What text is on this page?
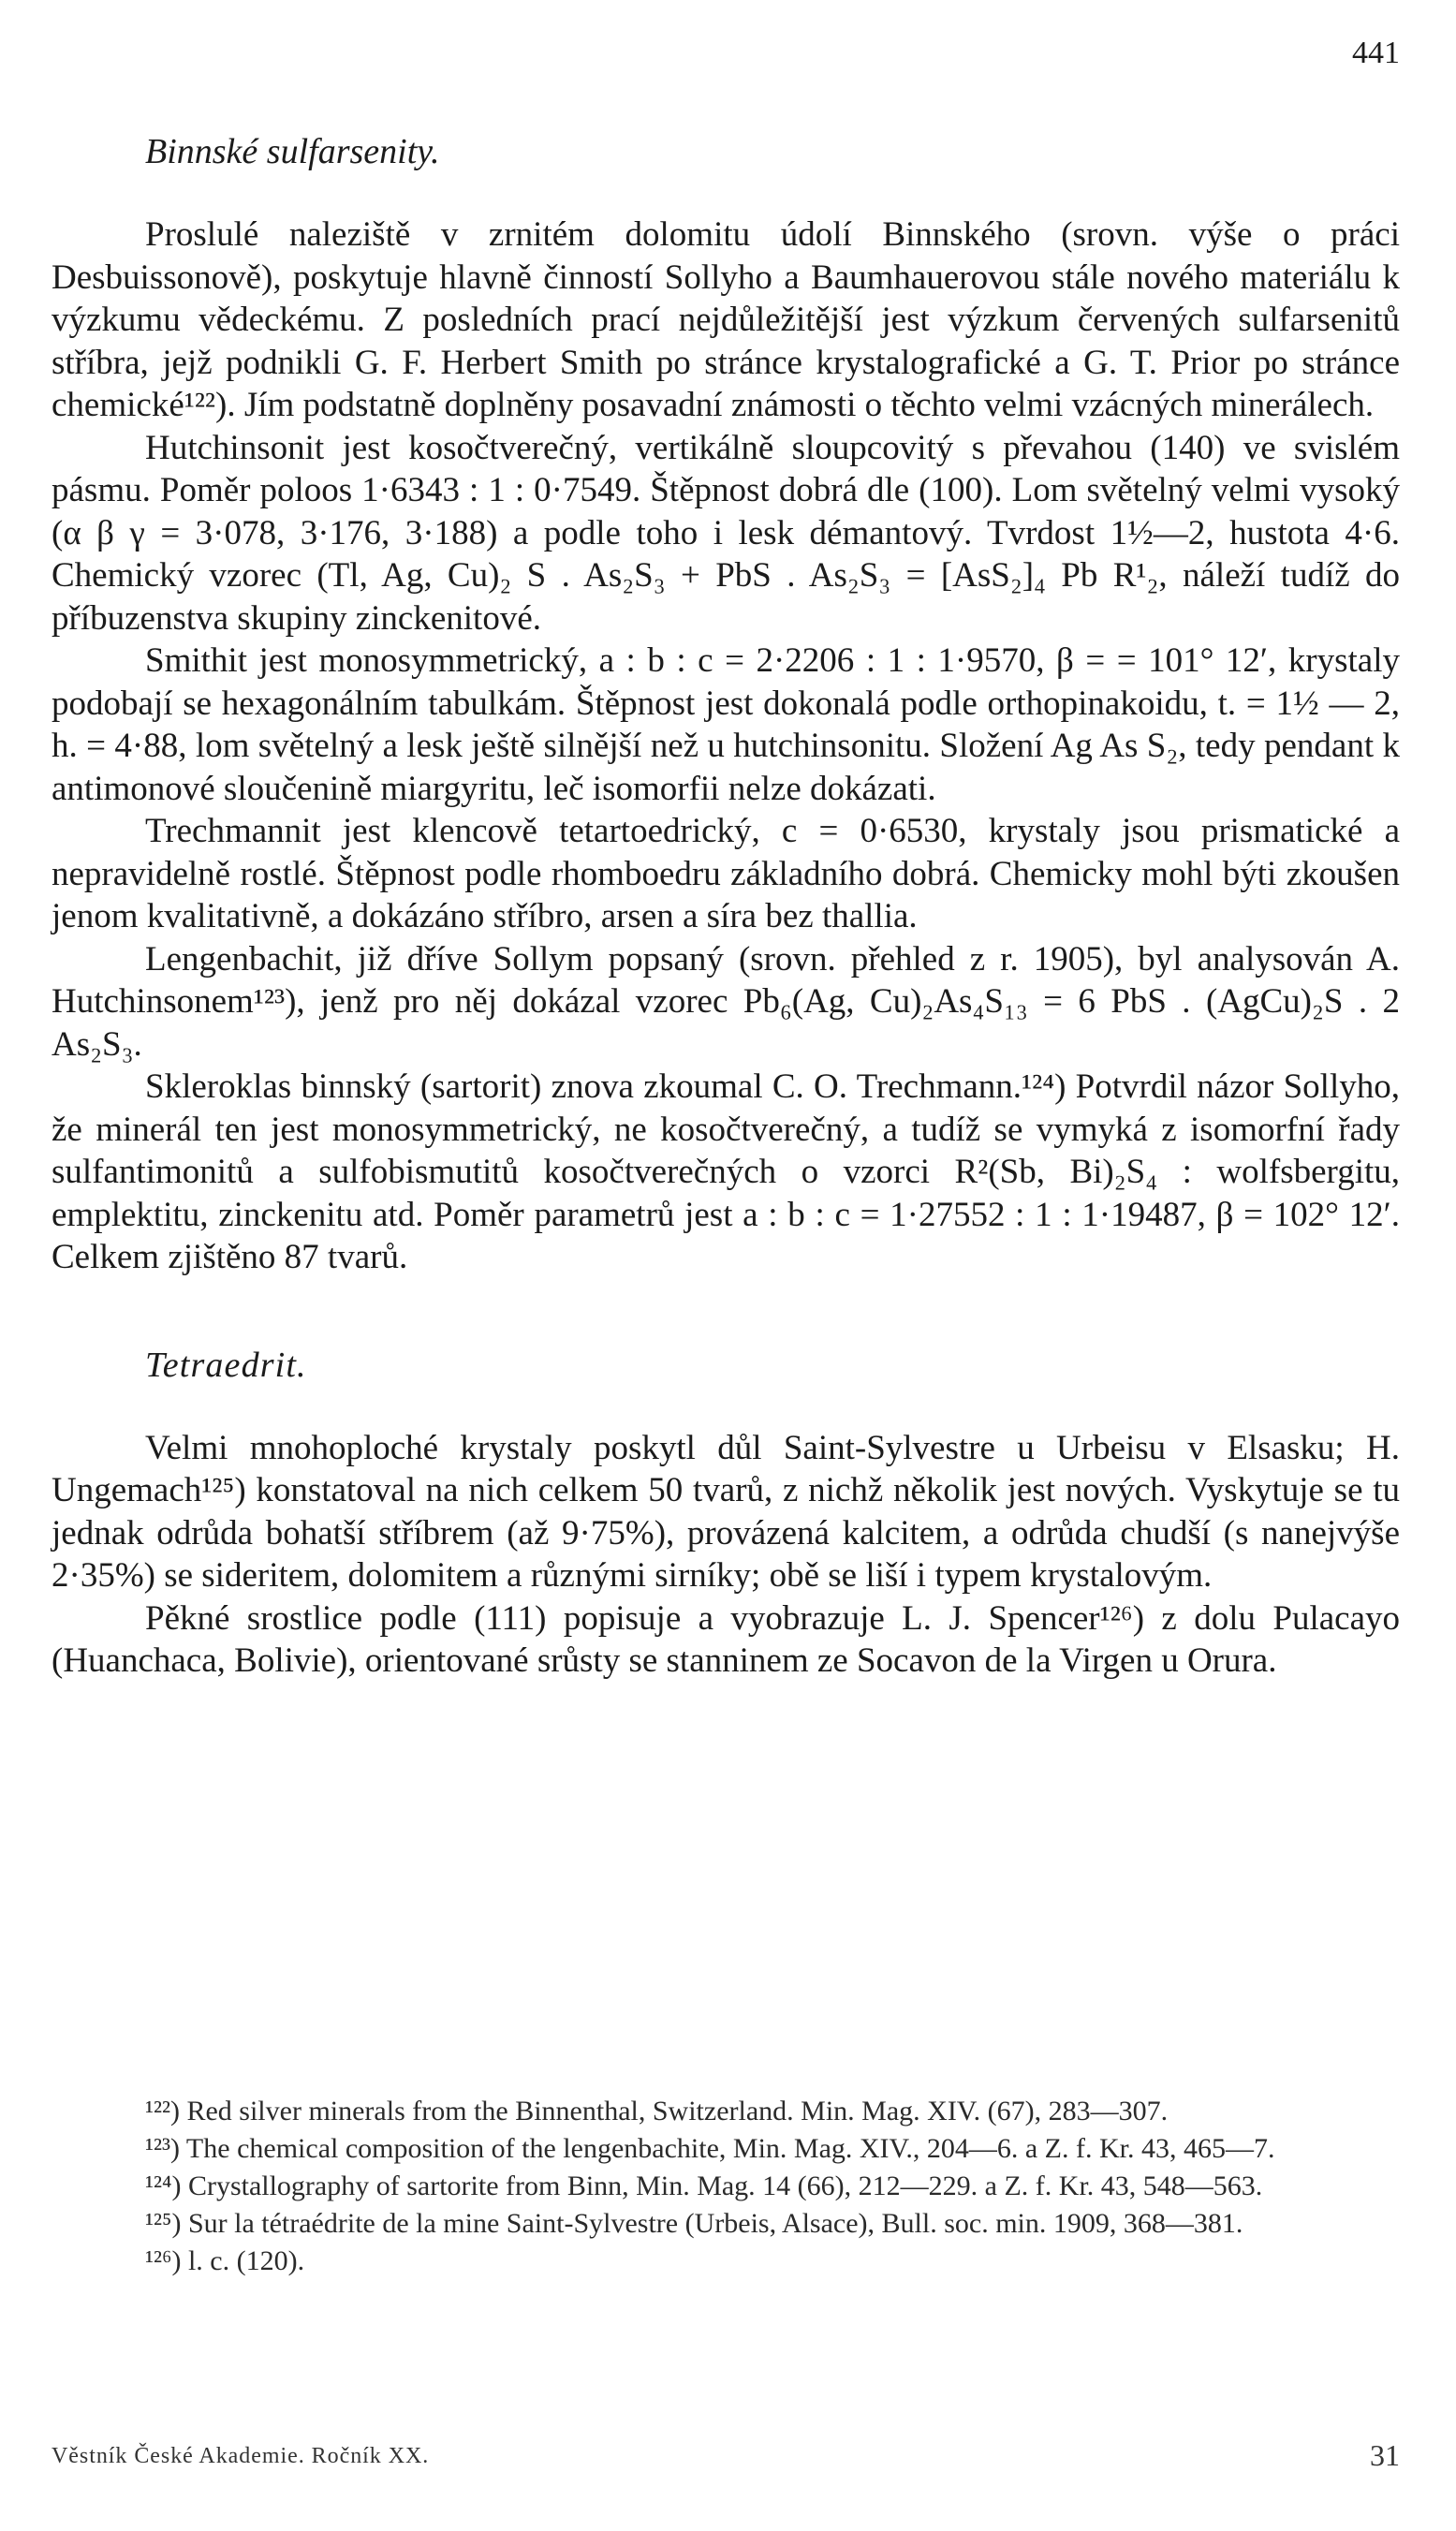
441
Binnské sulfarsenity.

Proslulé naleziště v zrnitém dolomitu údolí Binnského (srovn. výše o práci Desbuissonově), poskytuje hlavně činností Sollyho a Baumhauerovou stále nového materiálu k výzkumu vědeckému. Z posledních prací nejdůležitější jest výzkum červených sulfarsenitů stříbra, jejž podnikli G. F. Herbert Smith po stránce krystalografické a G. T. Prior po stránce chemické¹²²). Jím podstatně doplněny posavadní známosti o těchto velmi vzácných minerálech.

Hutchinsonit jest kosočtverečný, vertikálně sloupcovitý s převahou (140) ve svislém pásmu. Poměr poloos 1·6343 : 1 : 0·7549. Štěpnost dobrá dle (100). Lom světelný velmi vysoký (α β γ = 3·078, 3·176, 3·188) a podle toho i lesk démantový. Tvrdost 1½—2, hustota 4·6. Chemický vzorec (Tl, Ag, Cu)₂ S . As₂S₃ + PbS . As₂S₃ = [AsS₂]₄ Pb R¹₂, náleží tudíž do příbuzenstva skupiny zinckenitové.

Smithit jest monosymmetrický, a : b : c = 2·2206 : 1 : 1·9570, β = = 101° 12′, krystaly podobají se hexagonálním tabulkám. Štěpnost jest dokonalá podle orthopinakoidu, t. = 1½ — 2, h. = 4·88, lom světelný a lesk ještě silnější než u hutchinsonitu. Složení Ag As S₂, tedy pendant k antimonové sloučenině miargyritu, leč isomorfii nelze dokázati.

Trechmannit jest klencově tetartoedrický, c = 0·6530, krystaly jsou prismatické a nepravidelně rostlé. Štěpnost podle rhomboedru základního dobrá. Chemicky mohl býti zkoušen jenom kvalitativně, a dokázáno stříbro, arsen a síra bez thallia.

Lengenbachit, již dříve Sollym popsaný (srovn. přehled z r. 1905), byl analysován A. Hutchinsonem¹²³), jenž pro něj dokázal vzorec Pb₆(Ag, Cu)₂As₄S₁₃ = 6 PbS . (AgCu)₂S . 2 As₂S₃.

Skleroklas binnský (sartorit) znova zkoumal C. O. Trechmann.¹²⁴) Potvrdil názor Sollyho, že minerál ten jest monosymmetrický, ne kosočtverečný, a tudíž se vymyká z isomorfní řady sulfantimonitů a sulfobismutitů kosočtverečných o vzorci R²(Sb, Bi)₂S₄ : wolfsbergitu, emplektitu, zinckenitu atd. Poměr parametrů jest a : b : c = 1·27552 : 1 : 1·19487, β = 102° 12′. Celkem zjištěno 87 tvarů.

Tetraedrit.

Velmi mnohoploché krystaly poskytl důl Saint-Sylvestre u Urbeisu v Elsasku; H. Ungemach¹²⁵) konstatoval na nich celkem 50 tvarů, z nichž několik jest nových. Vyskytuje se tu jednak odrůda bohatší stříbrem (až 9·75%), provázená kalcitem, a odrůda chudší (s nanejvýše 2·35%) se sideritem, dolomitem a různými sirníky; obě se liší i typem krystalovým.

Pěkné srostlice podle (111) popisuje a vyobrazuje L. J. Spencer¹²⁶) z dolu Pulacayo (Huanchaca, Bolivie), orientované srůsty se stanninem ze Socavon de la Virgen u Orura.

¹²²) Red silver minerals from the Binnenthal, Switzerland. Min. Mag. XIV. (67), 283—307.

¹²³) The chemical composition of the lengenbachite, Min. Mag. XIV., 204—6. a Z. f. Kr. 43, 465—7.

¹²⁴) Crystallography of sartorite from Binn, Min. Mag. 14 (66), 212—229. a Z. f. Kr. 43, 548—563.

¹²⁵) Sur la tétraédrite de la mine Saint-Sylvestre (Urbeis, Alsace), Bull. soc. min. 1909, 368—381.

¹²⁶) l. c. (120).

Věstník České Akademie. Ročník XX.	31
